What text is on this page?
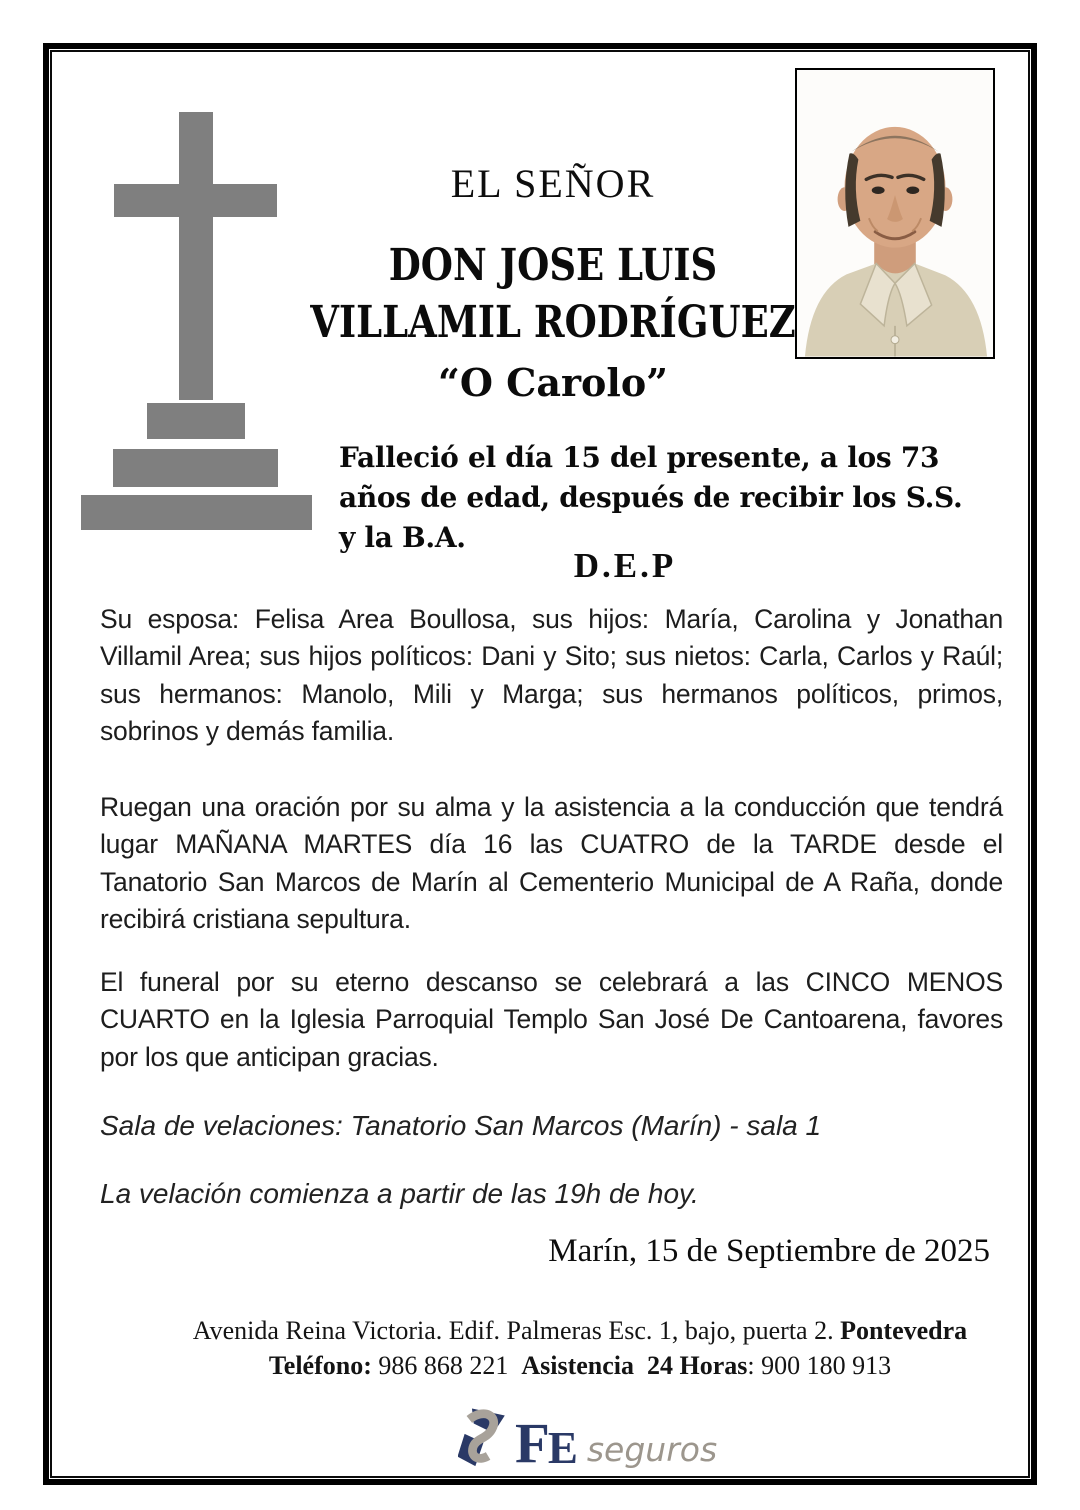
EL SEÑOR
DON JOSE LUIS
VILLAMIL RODRÍGUEZ
“O Carolo”
Falleció el día 15 del presente, a los 73 años de edad, después de recibir los S.S. y la B.A.
D.E.P

Su esposa: Felisa Area Boullosa, sus hijos: María, Carolina y Jonathan Villamil Area; sus hijos políticos: Dani y Sito; sus nietos: Carla, Carlos y Raúl; sus hermanos: Manolo, Mili y Marga; sus hermanos políticos, primos, sobrinos y demás familia.

Ruegan una oración por su alma y la asistencia a la conducción que tendrá lugar MAÑANA MARTES día 16 las CUATRO de la TARDE desde el Tanatorio San Marcos de Marín al Cementerio Municipal de A Raña, donde recibirá cristiana sepultura.

El funeral por su eterno descanso se celebrará a las CINCO MENOS CUARTO en la Iglesia Parroquial Templo San José De Cantoarena, favores por los que anticipan gracias.

Sala de velaciones: Tanatorio San Marcos (Marín) - sala 1

La velación comienza a partir de las 19h de hoy.

Marín, 15 de Septiembre de 2025
Avenida Reina Victoria. Edif. Palmeras Esc. 1, bajo, puerta 2. Pontevedra
Teléfono: 986 868 221  Asistencia  24 Horas: 900 180 913
F
E seguros
